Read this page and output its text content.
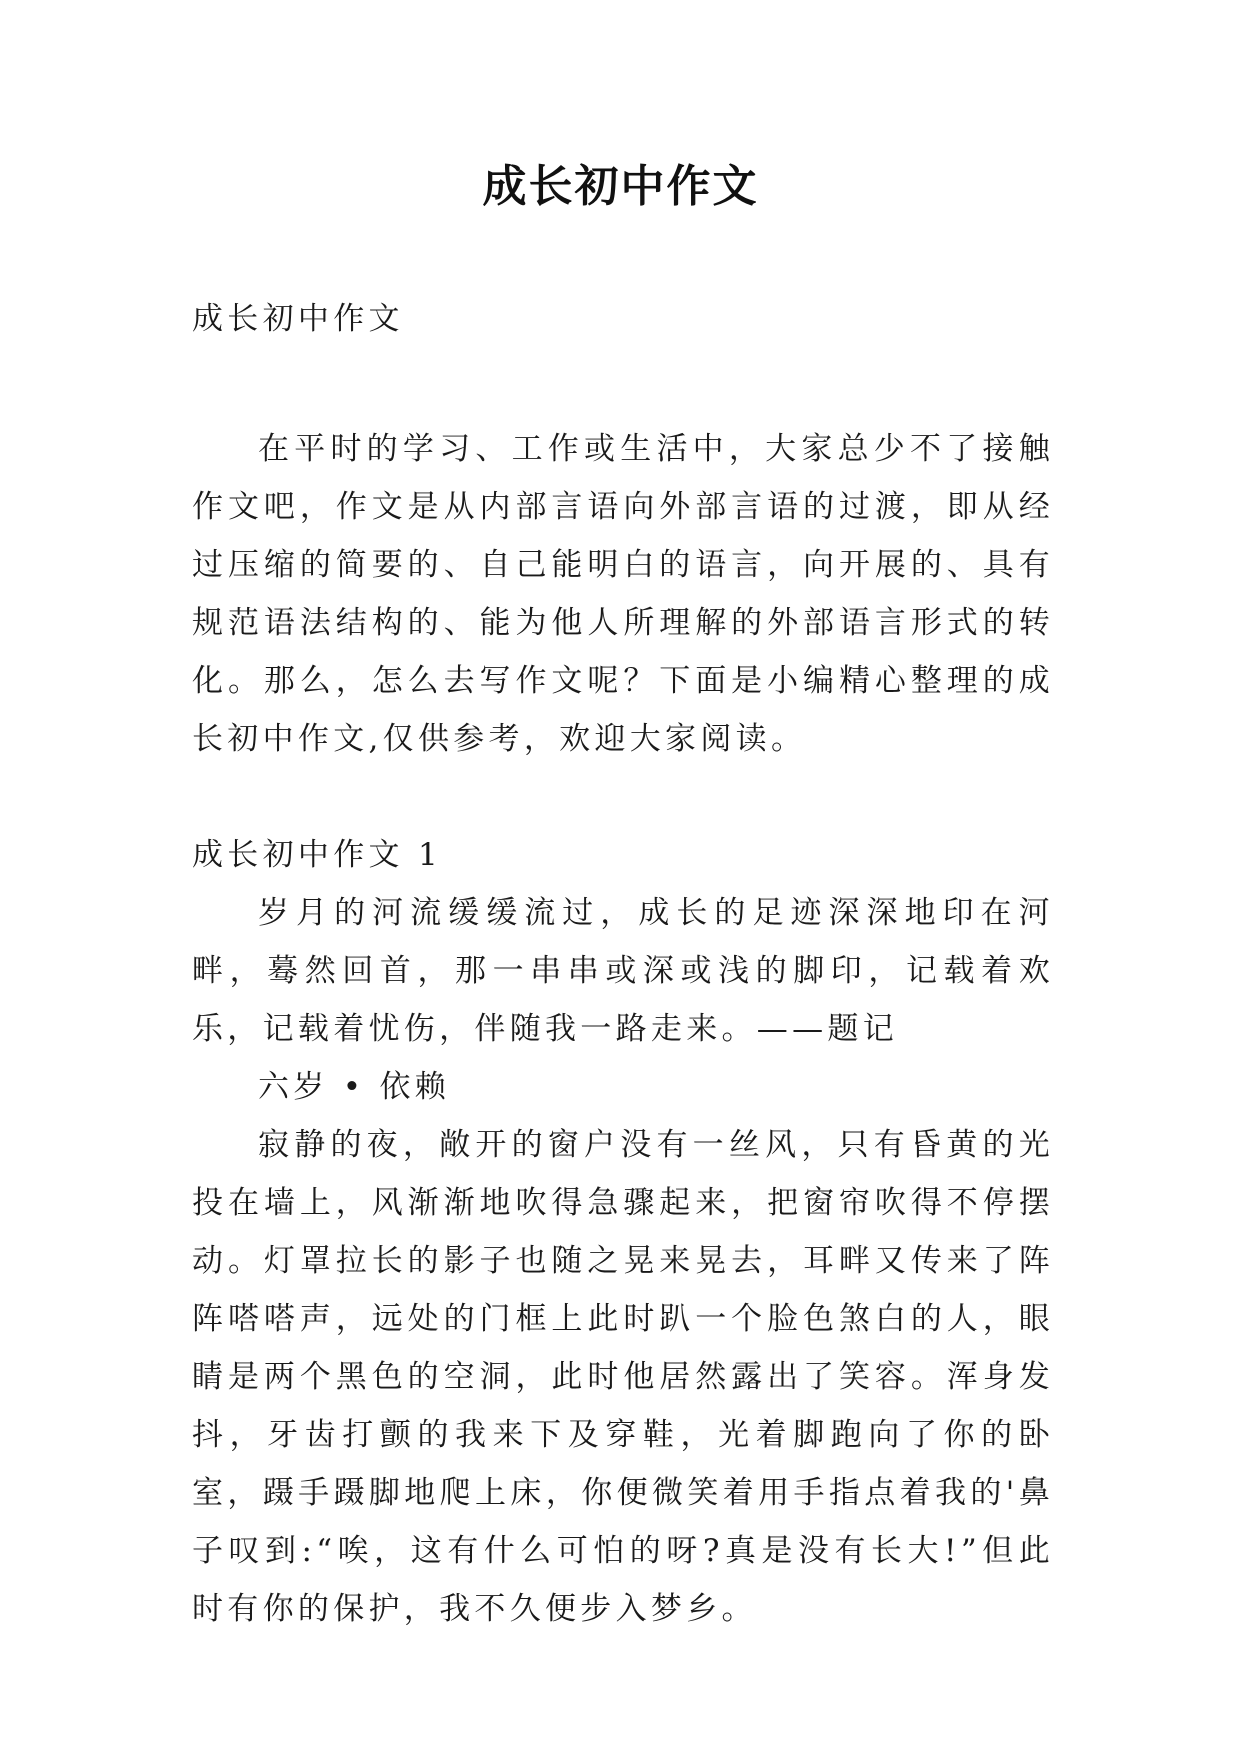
成长初中作文

成长初中作文

在平时的学习、工作或生活中，大家总少不了接触作文吧，作文是从内部言语向外部言语的过渡，即从经过压缩的简要的、自己能明白的语言，向开展的、具有规范语法结构的、能为他人所理解的外部语言形式的转化。那么，怎么去写作文呢？下面是小编精心整理的成长初中作文,仅供参考，欢迎大家阅读。

成长初中作文 1

岁月的河流缓缓流过，成长的足迹深深地印在河畔，蓦然回首，那一串串或深或浅的脚印，记载着欢乐，记载着忧伤，伴随我一路走来。——题记

六岁 • 依赖

寂静的夜，敞开的窗户没有一丝风，只有昏黄的光投在墙上，风渐渐地吹得急骤起来，把窗帘吹得不停摆动。灯罩拉长的影子也随之晃来晃去，耳畔又传来了阵阵嗒嗒声，远处的门框上此时趴一个脸色煞白的人，眼睛是两个黑色的空洞，此时他居然露出了笑容。浑身发抖，牙齿打颤的我来下及穿鞋，光着脚跑向了你的卧室，蹑手蹑脚地爬上床，你便微笑着用手指点着我的'鼻子叹到:“唉，这有什么可怕的呀?真是没有长大!”但此时有你的保护，我不久便步入梦乡。
